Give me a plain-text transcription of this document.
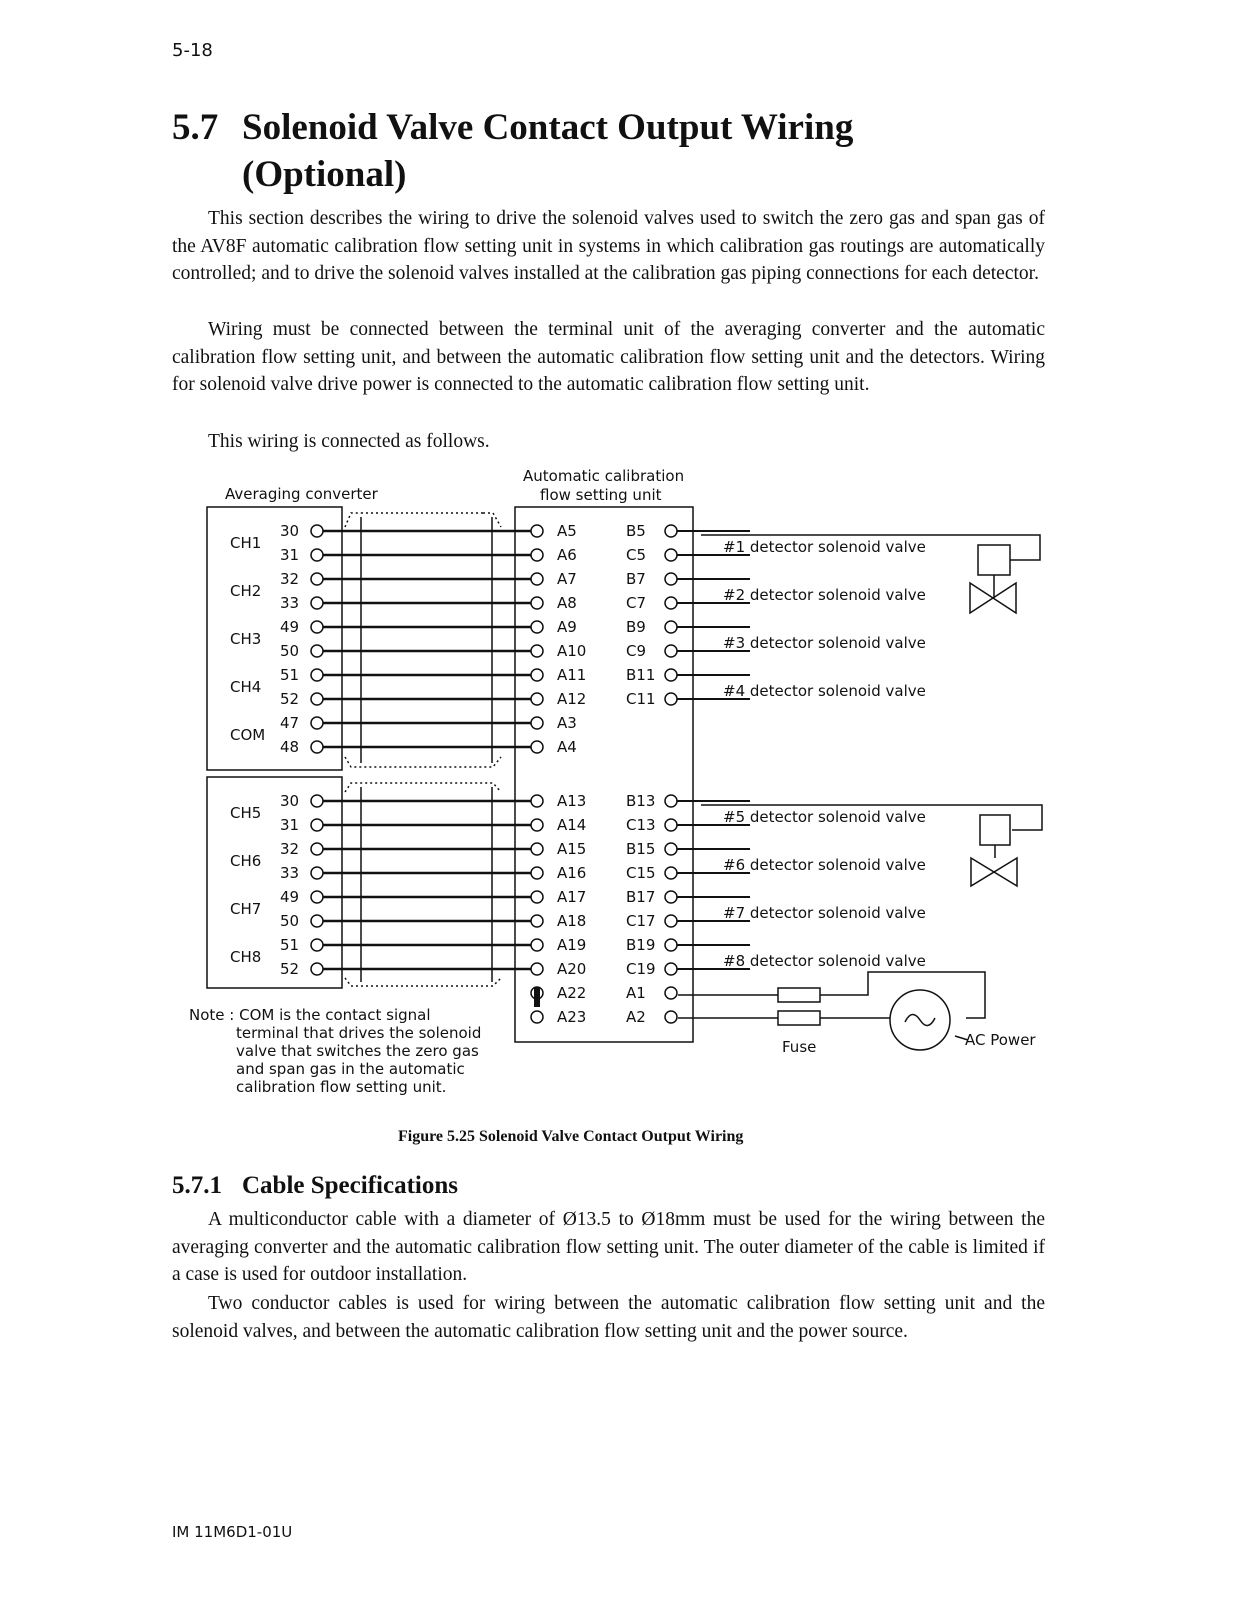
5-18
5.7 Solenoid Valve Contact Output Wiring
(Optional)

This section describes the wiring to drive the solenoid valves used to switch the zero gas and span gas of the AV8F automatic calibration flow setting unit in systems in which calibration gas routings are automatically controlled; and to drive the solenoid valves installed at the calibration gas piping connections for each detector.

Wiring must be connected between the terminal unit of the averaging converter and the automatic calibration flow setting unit, and between the automatic calibration flow setting unit and the detectors. Wiring for solenoid valve drive power is connected to the automatic calibration flow setting unit.

This wiring is connected as follows.

Averaging converter
Automatic calibration
flow setting unit
30
31
32
33
49
50
51
52
47
48
A5
A6
A7
A8
A9
A10
A11
A12
A3
A4
B5
C5
B7
C7
B9
C9
B11
C11
CH1
CH2
CH3
CH4
COM
#1 detector solenoid valve
#2 detector solenoid valve
#3 detector solenoid valve
#4 detector solenoid valve
30
31
32
33
49
50
51
52
A13
A14
A15
A16
A17
A18
A19
A20
A22
A23
B13
C13
B15
C15
B17
C17
B19
C19
A1
A2
CH5
CH6
CH7
CH8
#5 detector solenoid valve
#6 detector solenoid valve
#7 detector solenoid valve
#8 detector solenoid valve
Fuse	AC Power
Note : COM is the contact signal
terminal that drives the solenoid
valve that switches the zero gas
and span gas in the automatic
calibration flow setting unit.
Figure 5.25 Solenoid Valve Contact Output Wiring
5.7.1 Cable Specifications

A multiconductor cable with a diameter of Ø13.5 to Ø18mm must be used for the wiring between the averaging converter and the automatic calibration flow setting unit. The outer diameter of the cable is limited if a case is used for outdoor installation.

Two conductor cables is used for wiring between the automatic calibration flow setting unit and the solenoid valves, and between the automatic calibration flow setting unit and the power source.

IM 11M6D1-01U
